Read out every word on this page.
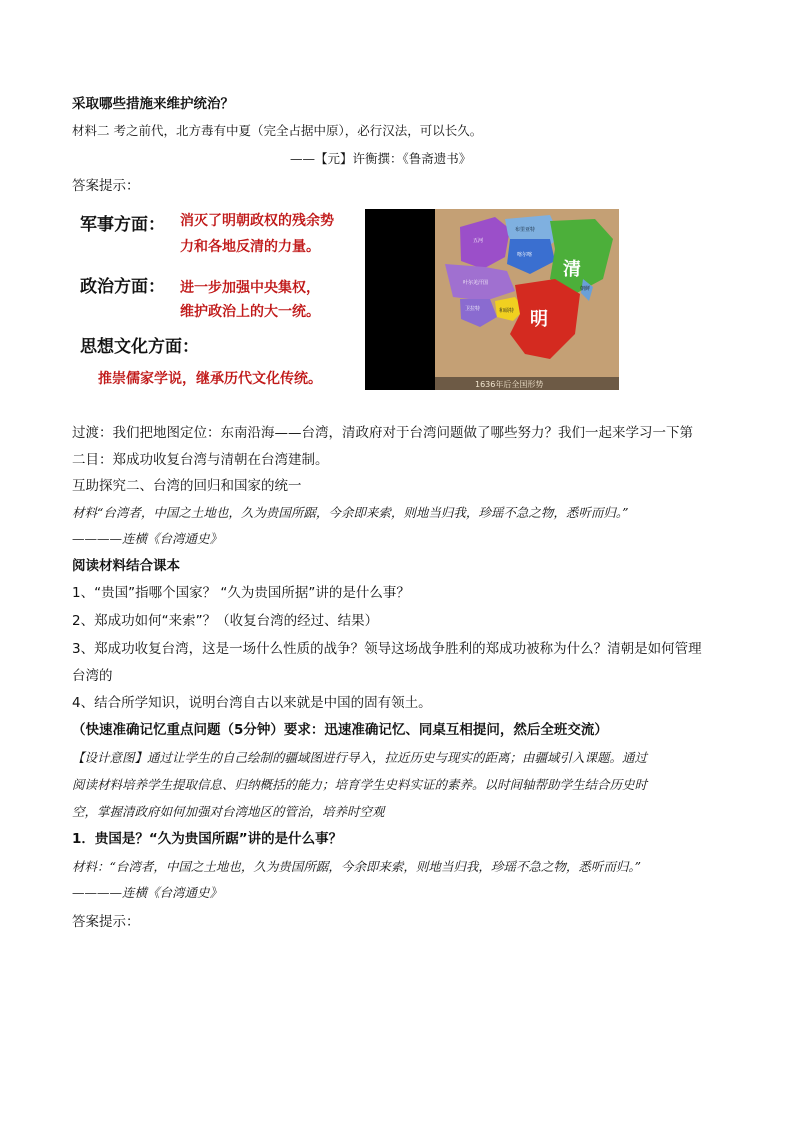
采取哪些措施来维护统治？
材料二 考之前代，北方毒有中夏（完全占据中原），必行汉法，可以长久。
——【元】许衡撰：《鲁斋遗书》
答案提示：
军事方面： 消灭了明朝政权的残余势
力和各地反清的力量。
政治方面： 进一步加强中央集权，
维护政治上的大一统。
思想文化方面：
推崇儒家学说，继承历代文化传统。
清
明
五河
布里亚特
喀尔喀
叶尔羌汗国
卫拉特	和硕特
朝鲜
1636年后全国形势
过渡：我们把地图定位：东南沿海——台湾，清政府对于台湾问题做了哪些努力？我们一起来学习一下第
二目：郑成功收复台湾与清朝在台湾建制。
互助探究二、台湾的回归和国家的统一
材料“台湾者，中国之土地也，久为贵国所踞，今余即来索，则地当归我，珍瑶不急之物，悉听而归。”
————连横《台湾通史》
阅读材料结合课本
1、“贵国”指哪个国家？ “久为贵国所据”讲的是什么事？
2、郑成功如何“来索”？（收复台湾的经过、结果）
3、郑成功收复台湾，这是一场什么性质的战争？领导这场战争胜利的郑成功被称为什么？清朝是如何管理
台湾的
4、结合所学知识，说明台湾自古以来就是中国的固有领土。
（快速准确记忆重点问题（5分钟）要求：迅速准确记忆、同桌互相提问，然后全班交流）
【设计意图】通过让学生的自己绘制的疆域图进行导入，拉近历史与现实的距离；由疆域引入课题。通过
阅读材料培养学生提取信息、归纳概括的能力；培育学生史料实证的素养。以时间轴帮助学生结合历史时
空，掌握清政府如何加强对台湾地区的管治，培养时空观
1．贵国是？“久为贵国所踞”讲的是什么事？
材料：“台湾者，中国之土地也，久为贵国所踞，今余即来索，则地当归我，珍瑶不急之物，悉听而归。”
————连横《台湾通史》
答案提示：
